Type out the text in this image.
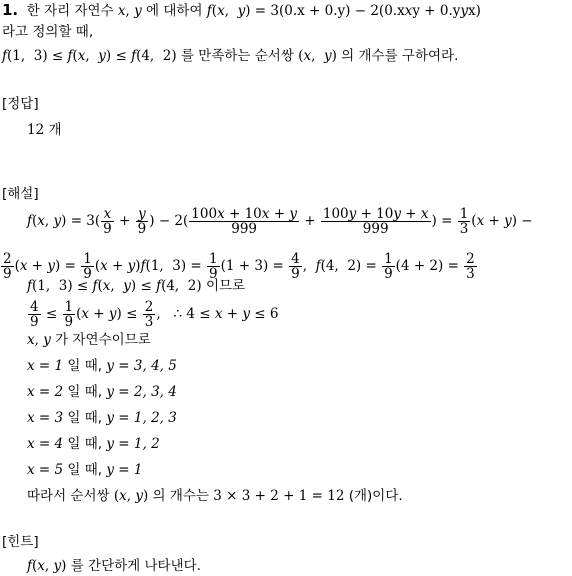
1. 한 자리 자연수 x, y 에 대하여 f(x,  y) = 3(0.x ˙ + 0.y ˙) − 2(0.x ˙xy ˙ + 0.y ˙yx ˙)
라고 정의할 때,
f(1,  3) ≤ f(x,  y) ≤ f(4,  2) 를 만족하는 순서쌍 (x,  y) 의 개수를 구하여라.
[정답]
12 개
[해설]
f(x, $y) = 3( \frac{x}{9} + \frac{y}{9}$ ) − $2( \frac{100x + 10x + y}{999} + \frac{100y + 10y + x}{999}$ ) = $\frac{1}{3} (x + y)$ −
$\frac{2}{9} (x + y) = \frac{1}{9} (x + y)f(1$,  $3) = \frac{1}{9} (1 + 3) = \frac{4}{9}$ ,  f(4,  $2) = \frac{1}{9} (4 + 2) = \frac{2}{3}$
f(1,  3) ≤ f(x,  y) ≤ f(4,  2) 이므로
$\frac{4}{9} \le \frac{1}{9} (x + y) \le \frac{2}{3}$ ,   ∴ 4 ≤ x + y ≤ 6
x, y 가 자연수이므로
x = 1 일 때, y = 3, 4, 5
x = 2 일 때, y = 2, 3, 4
x = 3 일 때, y = 1, 2, 3
x = 4 일 때, y = 1, 2
x = 5 일 때, y = 1
따라서 순서쌍 (x, y) 의 개수는 3 × 3 + 2 + 1 = 12 (개)이다.
[힌트]
f(x, y) 를 간단하게 나타낸다.
